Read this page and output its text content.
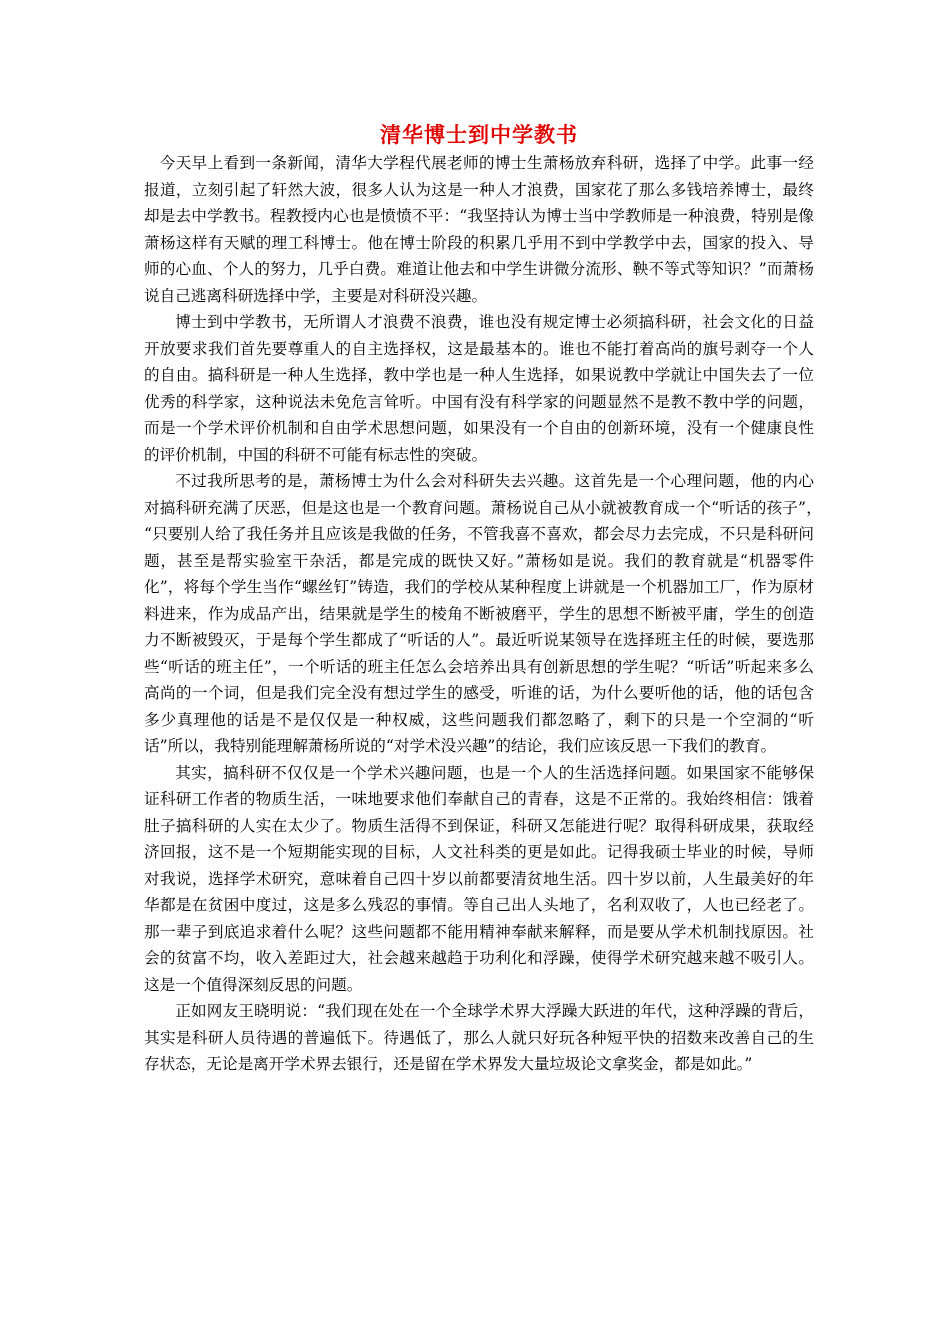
清华博士到中学教书

今天早上看到一条新闻，清华大学程代展老师的博士生萧杨放弃科研，选择了中学。此事一经报道，立刻引起了轩然大波，很多人认为这是一种人才浪费，国家花了那么多钱培养博士，最终却是去中学教书。程教授内心也是愤愤不平：“我坚持认为博士当中学教师是一种浪费，特别是像萧杨这样有天赋的理工科博士。他在博士阶段的积累几乎用不到中学教学中去，国家的投入、导师的心血、个人的努力，几乎白费。难道让他去和中学生讲微分流形、鞅不等式等知识？”而萧杨说自己逃离科研选择中学，主要是对科研没兴趣。

博士到中学教书，无所谓人才浪费不浪费，谁也没有规定博士必须搞科研，社会文化的日益开放要求我们首先要尊重人的自主选择权，这是最基本的。谁也不能打着高尚的旗号剥夺一个人的自由。搞科研是一种人生选择，教中学也是一种人生选择，如果说教中学就让中国失去了一位优秀的科学家，这种说法未免危言耸听。中国有没有科学家的问题显然不是教不教中学的问题，而是一个学术评价机制和自由学术思想问题，如果没有一个自由的创新环境，没有一个健康良性的评价机制，中国的科研不可能有标志性的突破。

不过我所思考的是，萧杨博士为什么会对科研失去兴趣。这首先是一个心理问题，他的内心对搞科研充满了厌恶，但是这也是一个教育问题。萧杨说自己从小就被教育成一个“听话的孩子”，　“只要别人给了我任务并且应该是我做的任务，不管我喜不喜欢，都会尽力去完成，不只是科研问题，甚至是帮实验室干杂活，都是完成的既快又好。”萧杨如是说。我们的教育就是“机器零件化”，将每个学生当作“螺丝钉”铸造，我们的学校从某种程度上讲就是一个机器加工厂，作为原材料进来，作为成品产出，结果就是学生的棱角不断被磨平，学生的思想不断被平庸，学生的创造力不断被毁灭，于是每个学生都成了“听话的人”。最近听说某领导在选择班主任的时候，要选那些“听话的班主任”，一个听话的班主任怎么会培养出具有创新思想的学生呢？“听话”听起来多么高尚的一个词，但是我们完全没有想过学生的感受，听谁的话，为什么要听他的话，他的话包含多少真理他的话是不是仅仅是一种权威，这些问题我们都忽略了，剩下的只是一个空洞的“听话”所以，我特别能理解萧杨所说的“对学术没兴趣”的结论，我们应该反思一下我们的教育。

其实，搞科研不仅仅是一个学术兴趣问题，也是一个人的生活选择问题。如果国家不能够保证科研工作者的物质生活，一味地要求他们奉献自己的青春，这是不正常的。我始终相信：饿着肚子搞科研的人实在太少了。物质生活得不到保证，科研又怎能进行呢？取得科研成果，获取经济回报，这不是一个短期能实现的目标，人文社科类的更是如此。记得我硕士毕业的时候，导师对我说，选择学术研究，意味着自己四十岁以前都要清贫地生活。四十岁以前，人生最美好的年华都是在贫困中度过，这是多么残忍的事情。等自己出人头地了，名利双收了，人也已经老了。那一辈子到底追求着什么呢？这些问题都不能用精神奉献来解释，而是要从学术机制找原因。社会的贫富不均，收入差距过大，社会越来越趋于功利化和浮躁，使得学术研究越来越不吸引人。这是一个值得深刻反思的问题。

正如网友王晓明说：“我们现在处在一个全球学术界大浮躁大跃进的年代，这种浮躁的背后，其实是科研人员待遇的普遍低下。待遇低了，那么人就只好玩各种短平快的招数来改善自己的生存状态，无论是离开学术界去银行，还是留在学术界发大量垃圾论文拿奖金，都是如此。”
